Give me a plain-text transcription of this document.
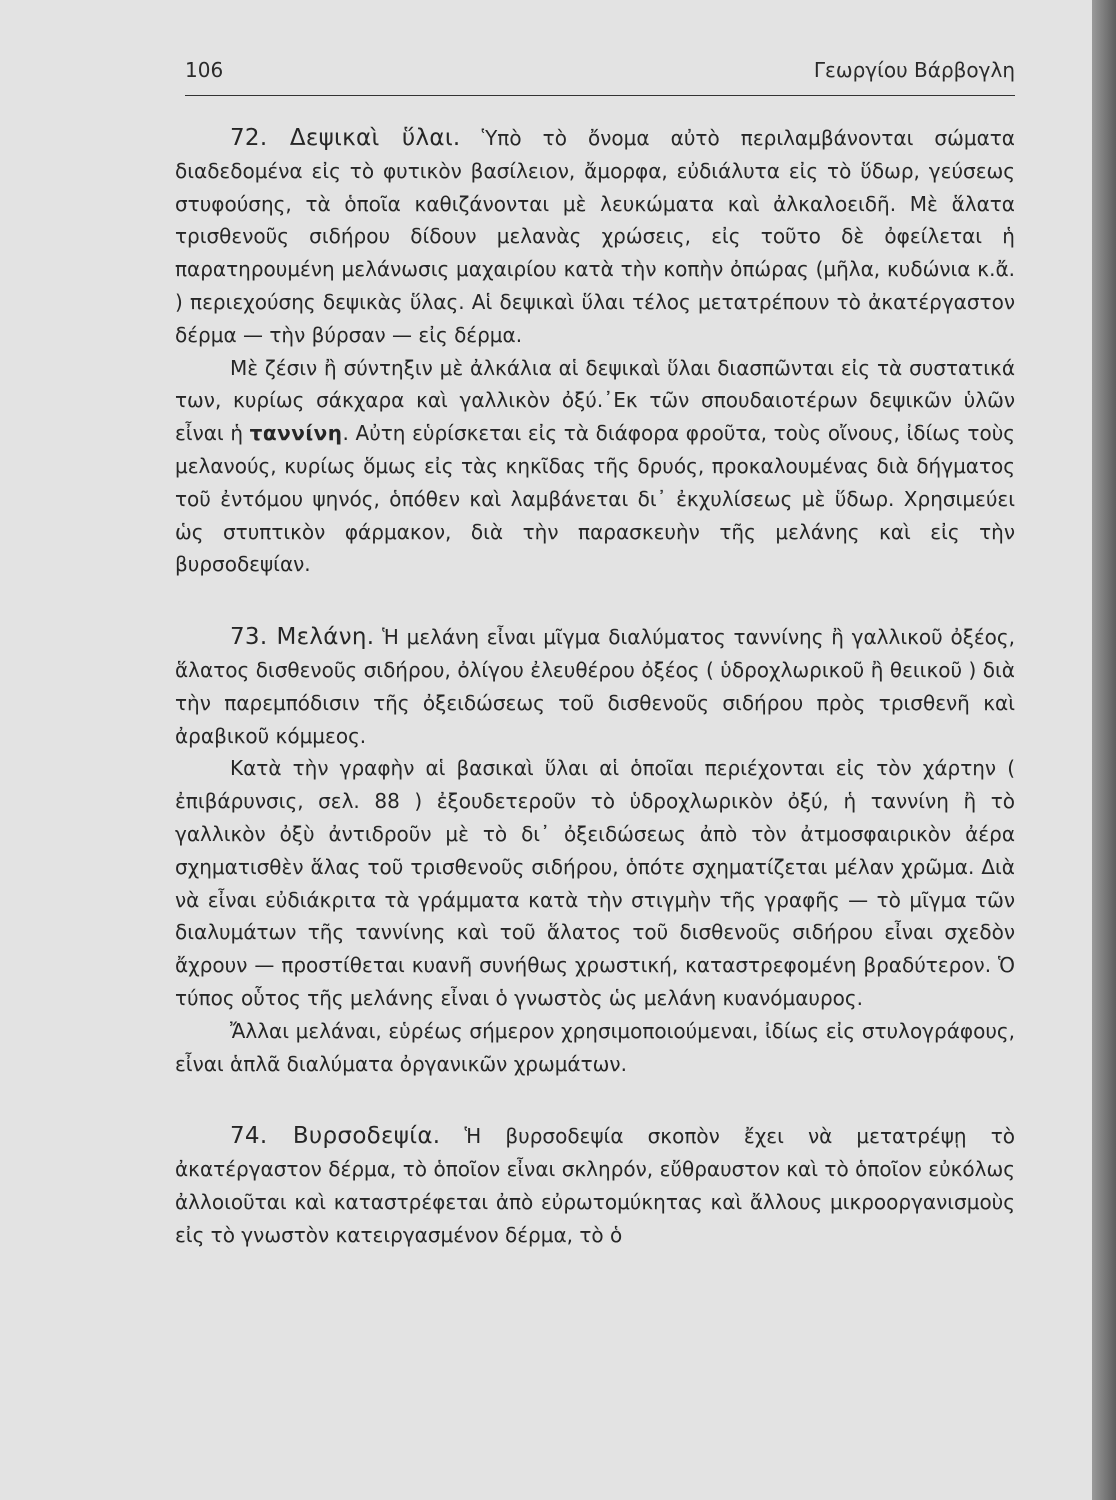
106	Γεωργίου Βάρβογλη

72. Δεψικαὶ ὕλαι. Ὑπὸ τὸ ὄνομα αὐτὸ περιλαμβάνονται σώματα διαδεδομένα εἰς τὸ φυτικὸν βασίλειον, ἄμορφα, εὐδιάλυτα εἰς τὸ ὕδωρ, γεύσεως στυφούσης, τὰ ὁποῖα καθιζάνονται μὲ λευκώματα καὶ ἀλκαλοειδῆ. Μὲ ἅλατα τρισθενοῦς σιδήρου δίδουν μελανὰς χρώσεις, εἰς τοῦτο δὲ ὀφείλεται ἡ παρατηρουμένη μελάνωσις μαχαιρίου κατὰ τὴν κοπὴν ὀπώρας (μῆλα, κυδώνια κ.ἄ. ) περιεχούσης δεψικὰς ὕλας. Αἱ δεψικαὶ ὕλαι τέλος μετατρέπουν τὸ ἀκατέργαστον δέρμα — τὴν βύρσαν — εἰς δέρμα.

Μὲ ζέσιν ἢ σύντηξιν μὲ ἀλκάλια αἱ δεψικαὶ ὕλαι διασπῶνται εἰς τὰ συστατικά των, κυρίως σάκχαρα καὶ γαλλικὸν ὀξύ.᾿Εκ τῶν σπουδαιοτέρων δεψικῶν ὑλῶν εἶναι ἡ ταννίνη. Αὐτη εὑρίσκεται εἰς τὰ διάφορα φροῦτα, τοὺς οἴνους, ἰδίως τοὺς μελανούς, κυρίως ὅμως εἰς τὰς κηκῖδας τῆς δρυός, προκαλουμένας διὰ δήγματος τοῦ ἐντόμου ψηνός, ὁπόθεν καὶ λαμβάνεται δι᾿ ἐκχυλίσεως μὲ ὕδωρ. Χρησιμεύει ὡς στυπτικὸν φάρμακον, διὰ τὴν παρασκευὴν τῆς μελάνης καὶ εἰς τὴν βυρσοδεψίαν.

73. Μελάνη. Ἡ μελάνη εἶναι μῖγμα διαλύματος ταννίνης ἢ γαλλικοῦ ὀξέος, ἅλατος δισθενοῦς σιδήρου, ὀλίγου ἐλευθέρου ὀξέος ( ὑδροχλωρικοῦ ἢ θειικοῦ ) διὰ τὴν παρεμπόδισιν τῆς ὀξειδώσεως τοῦ δισθενοῦς σιδήρου πρὸς τρισθενῆ καὶ ἀραβικοῦ κόμμεος.

Κατὰ τὴν γραφὴν αἱ βασικαὶ ὕλαι αἱ ὁποῖαι περιέχονται εἰς τὸν χάρτην ( ἐπιβάρυνσις, σελ. 88 ) ἐξουδετεροῦν τὸ ὑδροχλωρικὸν ὀξύ, ἡ ταννίνη ἢ τὸ γαλλικὸν ὀξὺ ἀντιδροῦν μὲ τὸ δι᾿ ὀξειδώσεως ἀπὸ τὸν ἀτμοσφαιρικὸν ἀέρα σχηματισθὲν ἅλας τοῦ τρισθενοῦς σιδήρου, ὁπότε σχηματίζεται μέλαν χρῶμα. Διὰ νὰ εἶναι εὐδιάκριτα τὰ γράμματα κατὰ τὴν στιγμὴν τῆς γραφῆς — τὸ μῖγμα τῶν διαλυμάτων τῆς ταννίνης καὶ τοῦ ἅλατος τοῦ δισθενοῦς σιδήρου εἶναι σχεδὸν ἄχρουν — προστίθεται κυανῆ συνήθως χρωστική, καταστρεφομένη βραδύτερον. Ὁ τύπος οὗτος τῆς μελάνης εἶναι ὁ γνωστὸς ὡς μελάνη κυανόμαυρος.

Ἄλλαι μελάναι, εὑρέως σήμερον χρησιμοποιούμεναι, ἰδίως εἰς στυλογράφους, εἶναι ἁπλᾶ διαλύματα ὀργανικῶν χρωμάτων.

74. Βυρσοδεψία. Ἡ βυρσοδεψία σκοπὸν ἔχει νὰ μετατρέψῃ τὸ ἀκατέργαστον δέρμα, τὸ ὁποῖον εἶναι σκληρόν, εὔθραυστον καὶ τὸ ὁποῖον εὐκόλως ἀλλοιοῦται καὶ καταστρέφεται ἀπὸ εὐρωτομύκητας καὶ ἄλλους μικροοργανισμοὺς εἰς τὸ γνωστὸν κατειργασμένον δέρμα, τὸ ὁ
